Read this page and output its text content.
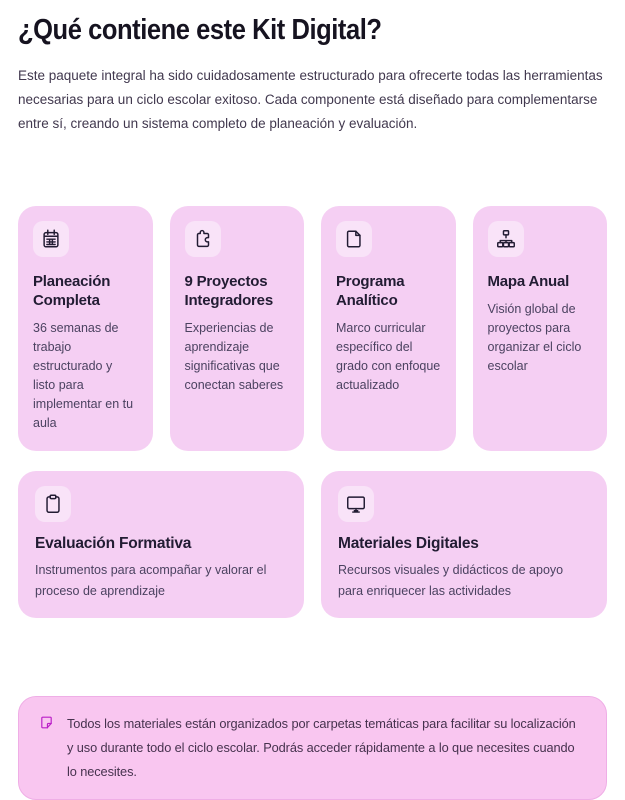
¿Qué contiene este Kit Digital?

Este paquete integral ha sido cuidadosamente estructurado para ofrecerte todas las herramientas necesarias para un ciclo escolar exitoso. Cada componente está diseñado para complementarse entre sí, creando un sistema completo de planeación y evaluación.

Planeación Completa
36 semanas de trabajo estructurado y listo para implementar en tu aula
9 Proyectos Integradores
Experiencias de aprendizaje significativas que conectan saberes
Programa Analítico
Marco curricular específico del grado con enfoque actualizado
Mapa Anual
Visión global de proyectos para organizar el ciclo escolar
Evaluación Formativa
Instrumentos para acompañar y valorar el proceso de aprendizaje
Materiales Digitales
Recursos visuales y didácticos de apoyo para enriquecer las actividades
Todos los materiales están organizados por carpetas temáticas para facilitar su localización y uso durante todo el ciclo escolar. Podrás acceder rápidamente a lo que necesites cuando lo necesites.
